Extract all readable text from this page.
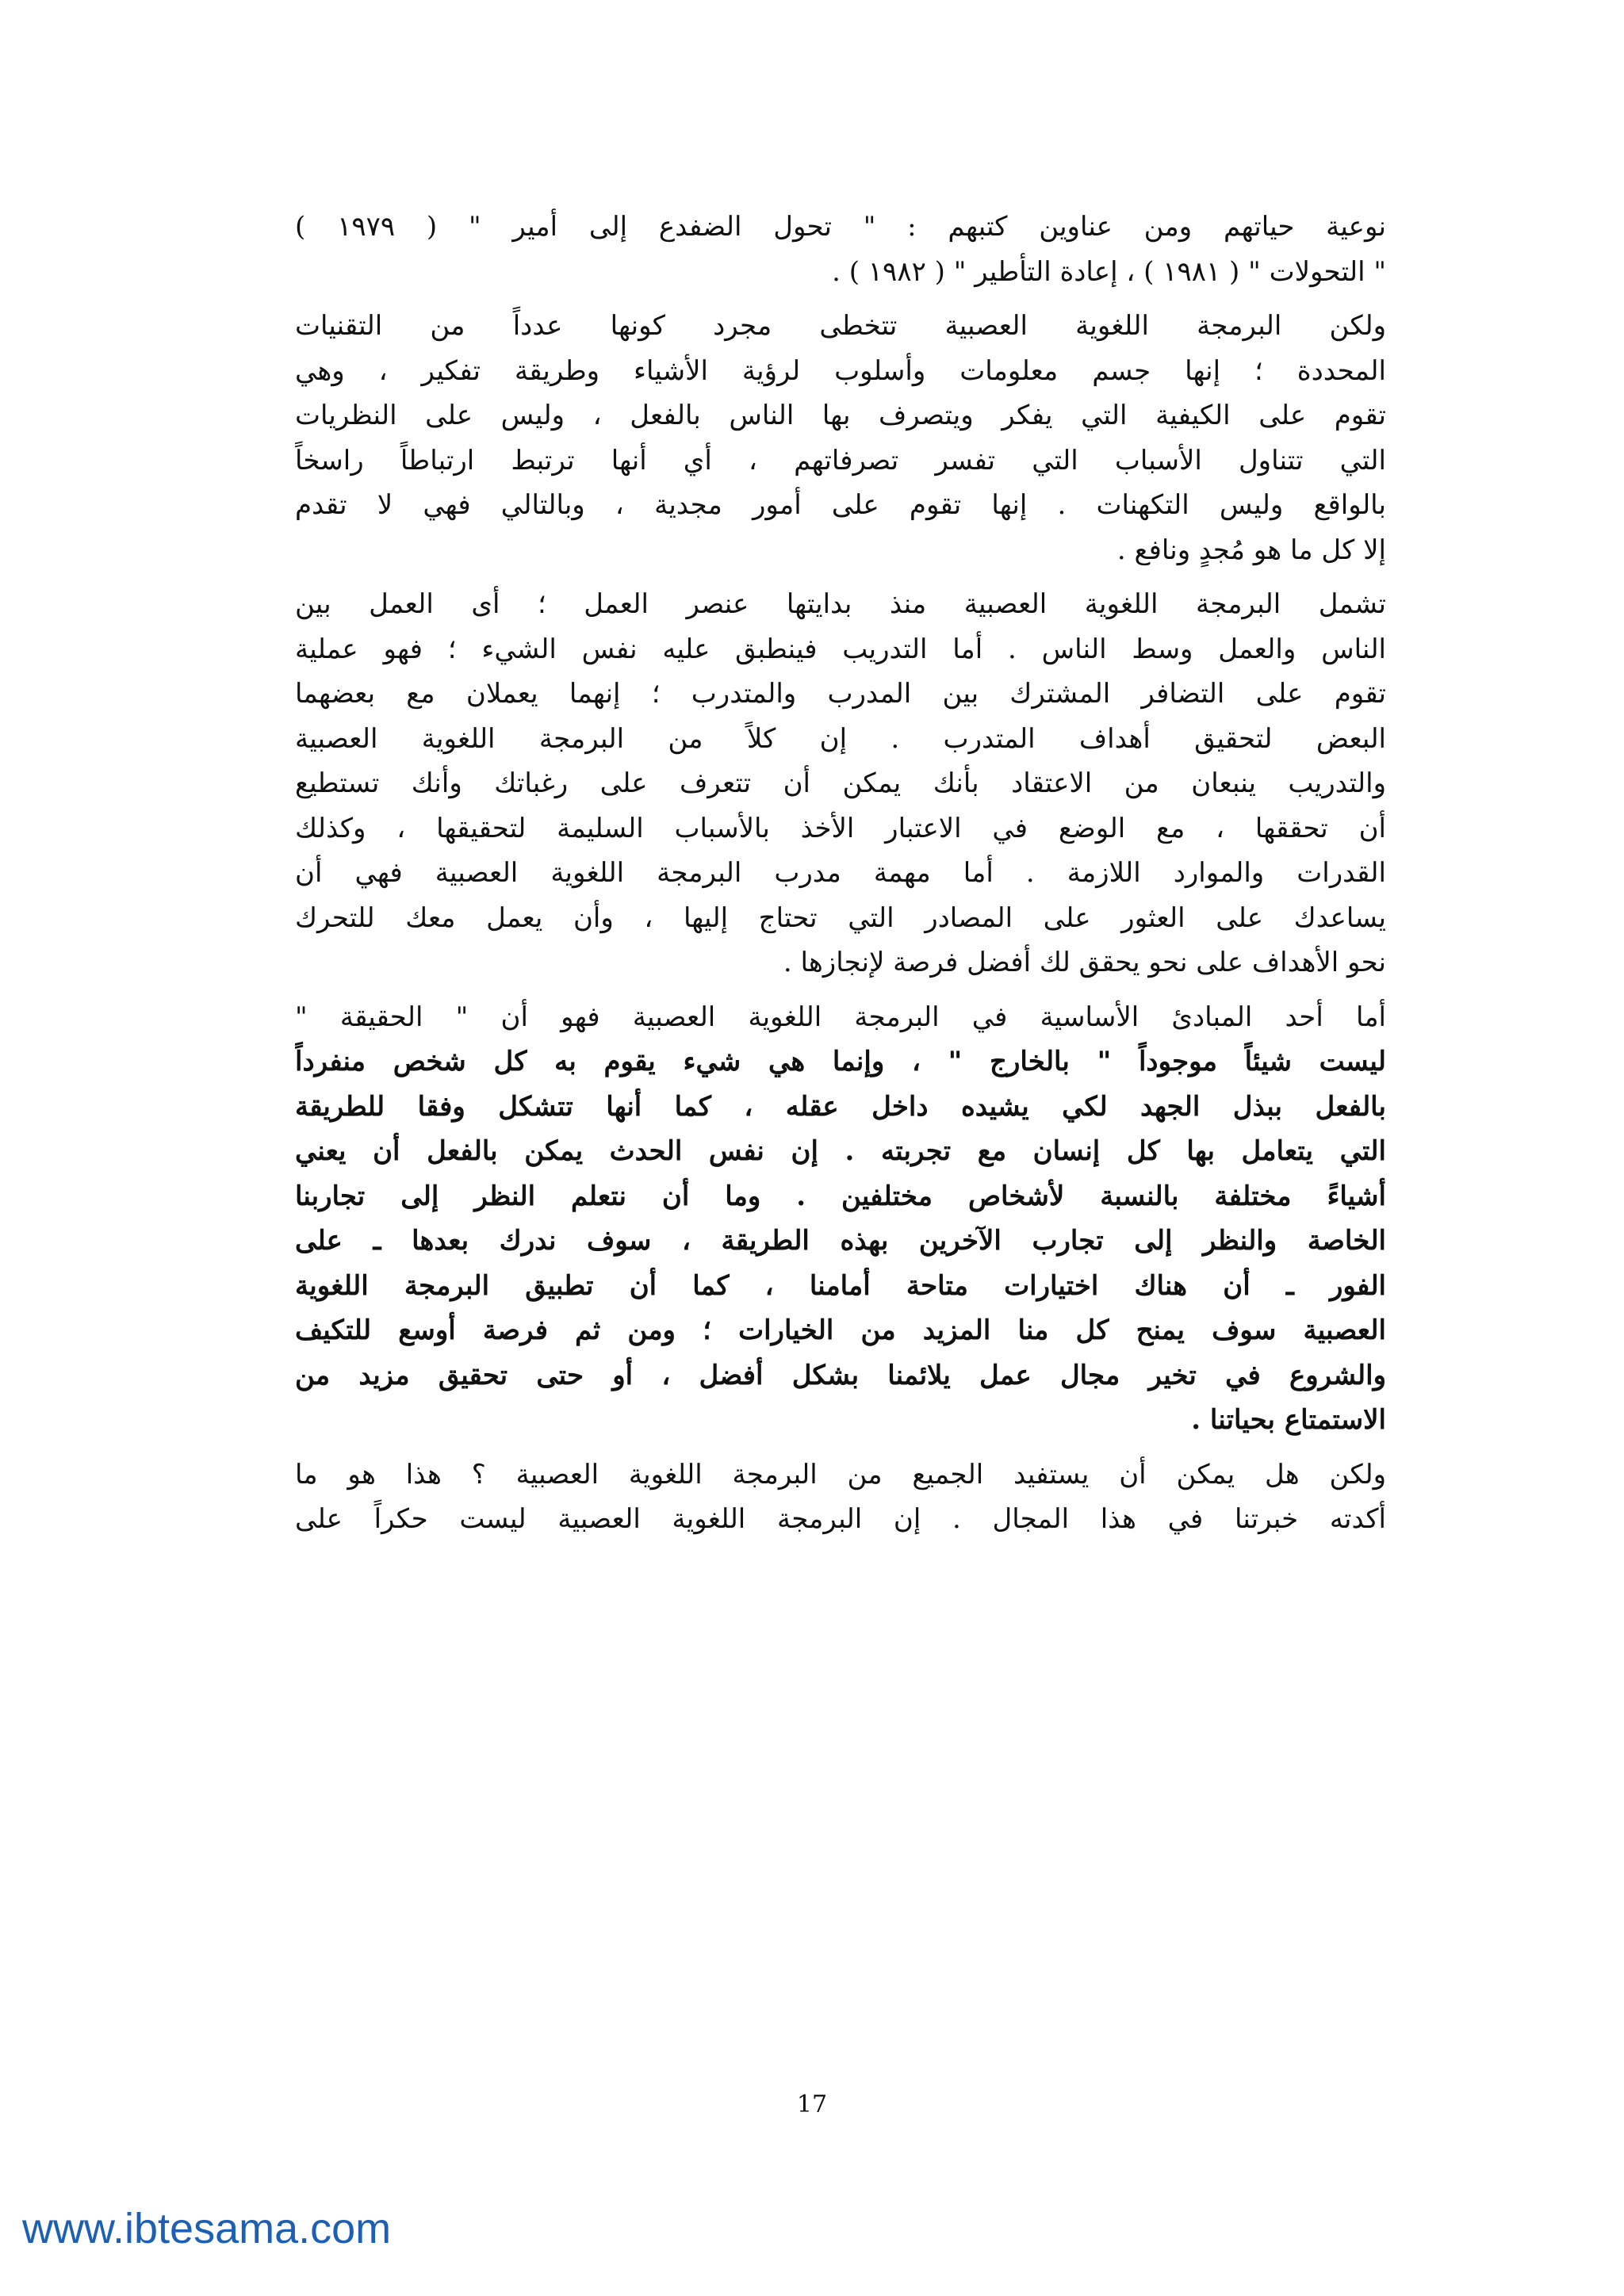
نوعية حياتهم ومن عناوين كتبهم : " تحول الضفدع إلى أمير " ( ١٩٧٩ )
" التحولات " ( ١٩٨١ ) ، إعادة التأطير " ( ١٩٨٢ ) .

ولكن البرمجة اللغوية العصبية تتخطى مجرد كونها عدداً من التقنيات
المحددة ؛ إنها جسم معلومات وأسلوب لرؤية الأشياء وطريقة تفكير ، وهي
تقوم على الكيفية التي يفكر ويتصرف بها الناس بالفعل ، وليس على النظريات
التي تتناول الأسباب التي تفسر تصرفاتهم ، أي أنها ترتبط ارتباطاً راسخاً
بالواقع وليس التكهنات . إنها تقوم على أمور مجدية ، وبالتالي فهي لا تقدم
إلا كل ما هو مُجدٍ ونافع .

تشمل البرمجة اللغوية العصبية منذ بدايتها عنصر العمل ؛ أى العمل بين
الناس والعمل وسط الناس . أما التدريب فينطبق عليه نفس الشيء ؛ فهو عملية
تقوم على التضافر المشترك بين المدرب والمتدرب ؛ إنهما يعملان مع بعضهما
البعض لتحقيق أهداف المتدرب . إن كلاً من البرمجة اللغوية العصبية
والتدريب ينبعان من الاعتقاد بأنك يمكن أن تتعرف على رغباتك وأنك تستطيع
أن تحققها ، مع الوضع في الاعتبار الأخذ بالأسباب السليمة لتحقيقها ، وكذلك
القدرات والموارد اللازمة . أما مهمة مدرب البرمجة اللغوية العصبية فهي أن
يساعدك على العثور على المصادر التي تحتاج إليها ، وأن يعمل معك للتحرك
نحو الأهداف على نحو يحقق لك أفضل فرصة لإنجازها .

أما أحد المبادئ الأساسية في البرمجة اللغوية العصبية فهو أن " الحقيقة "
ليست شيئاً موجوداً " بالخارج " ، وإنما هي شيء يقوم به كل شخص منفرداً
بالفعل ببذل الجهد لكي يشيده داخل عقله ، كما أنها تتشكل وفقا للطريقة
التي يتعامل بها كل إنسان مع تجربته . إن نفس الحدث يمكن بالفعل أن يعني
أشياءً مختلفة بالنسبة لأشخاص مختلفين . وما أن نتعلم النظر إلى تجاربنا
الخاصة والنظر إلى تجارب الآخرين بهذه الطريقة ، سوف ندرك بعدها ـ على
الفور ـ أن هناك اختيارات متاحة أمامنا ، كما أن تطبيق البرمجة اللغوية
العصبية سوف يمنح كل منا المزيد من الخيارات ؛ ومن ثم فرصة أوسع للتكيف
والشروع في تخير مجال عمل يلائمنا بشكل أفضل ، أو حتى تحقيق مزيد من
الاستمتاع بحياتنا .

ولكن هل يمكن أن يستفيد الجميع من البرمجة اللغوية العصبية ؟ هذا هو ما
أكدته خبرتنا في هذا المجال . إن البرمجة اللغوية العصبية ليست حكراً على

17
www.ibtesama.com
